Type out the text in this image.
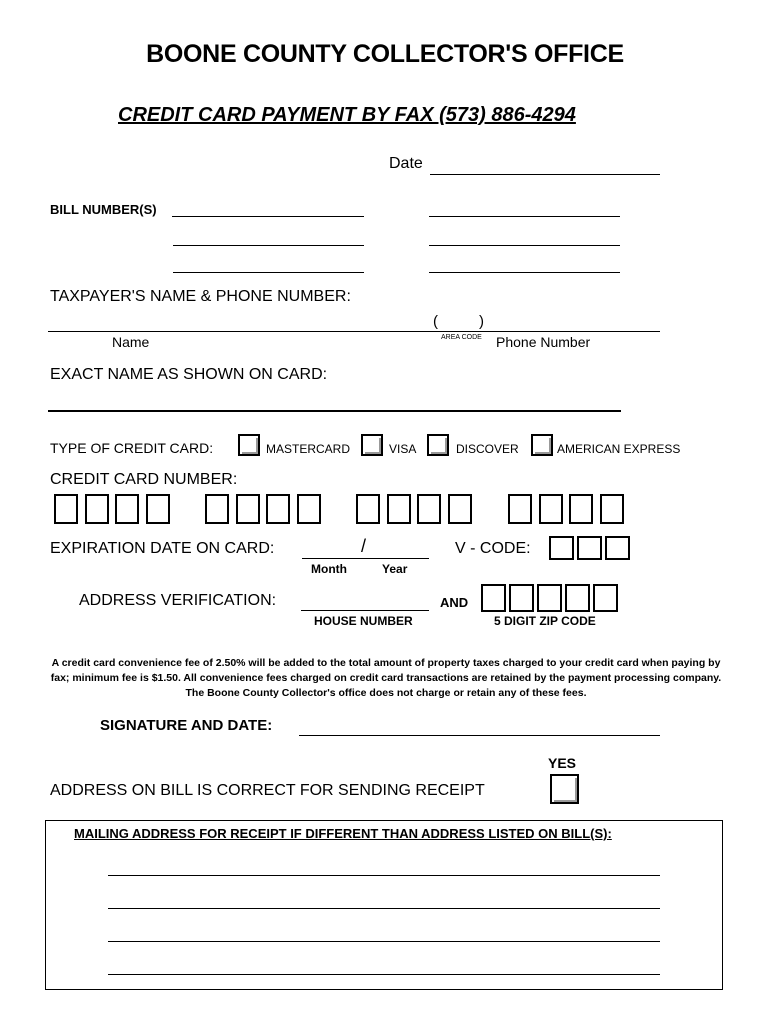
BOONE COUNTY COLLECTOR'S OFFICE
CREDIT CARD PAYMENT BY FAX (573) 886-4294
Date
BILL NUMBER(S)
TAXPAYER'S NAME & PHONE NUMBER:
(	)
Name	AREA CODE Phone Number
EXACT NAME AS SHOWN ON CARD:
TYPE OF CREDIT CARD:	MASTERCARD	VISA	DISCOVER	AMERICAN EXPRESS
CREDIT CARD NUMBER:
EXPIRATION DATE ON CARD:	/
Month	Year
V - CODE:
ADDRESS VERIFICATION:
HOUSE NUMBER
AND
5 DIGIT ZIP CODE
A credit card convenience fee of 2.50% will be added to the total amount of property taxes charged to your credit card when paying by fax; minimum fee is $1.50. All convenience fees charged on credit card transactions are retained by the payment processing company. The Boone County Collector's office does not charge or retain any of these fees.
SIGNATURE AND DATE:
YES
ADDRESS ON BILL IS CORRECT FOR SENDING RECEIPT
MAILING ADDRESS FOR RECEIPT IF DIFFERENT THAN ADDRESS LISTED ON BILL(S):
